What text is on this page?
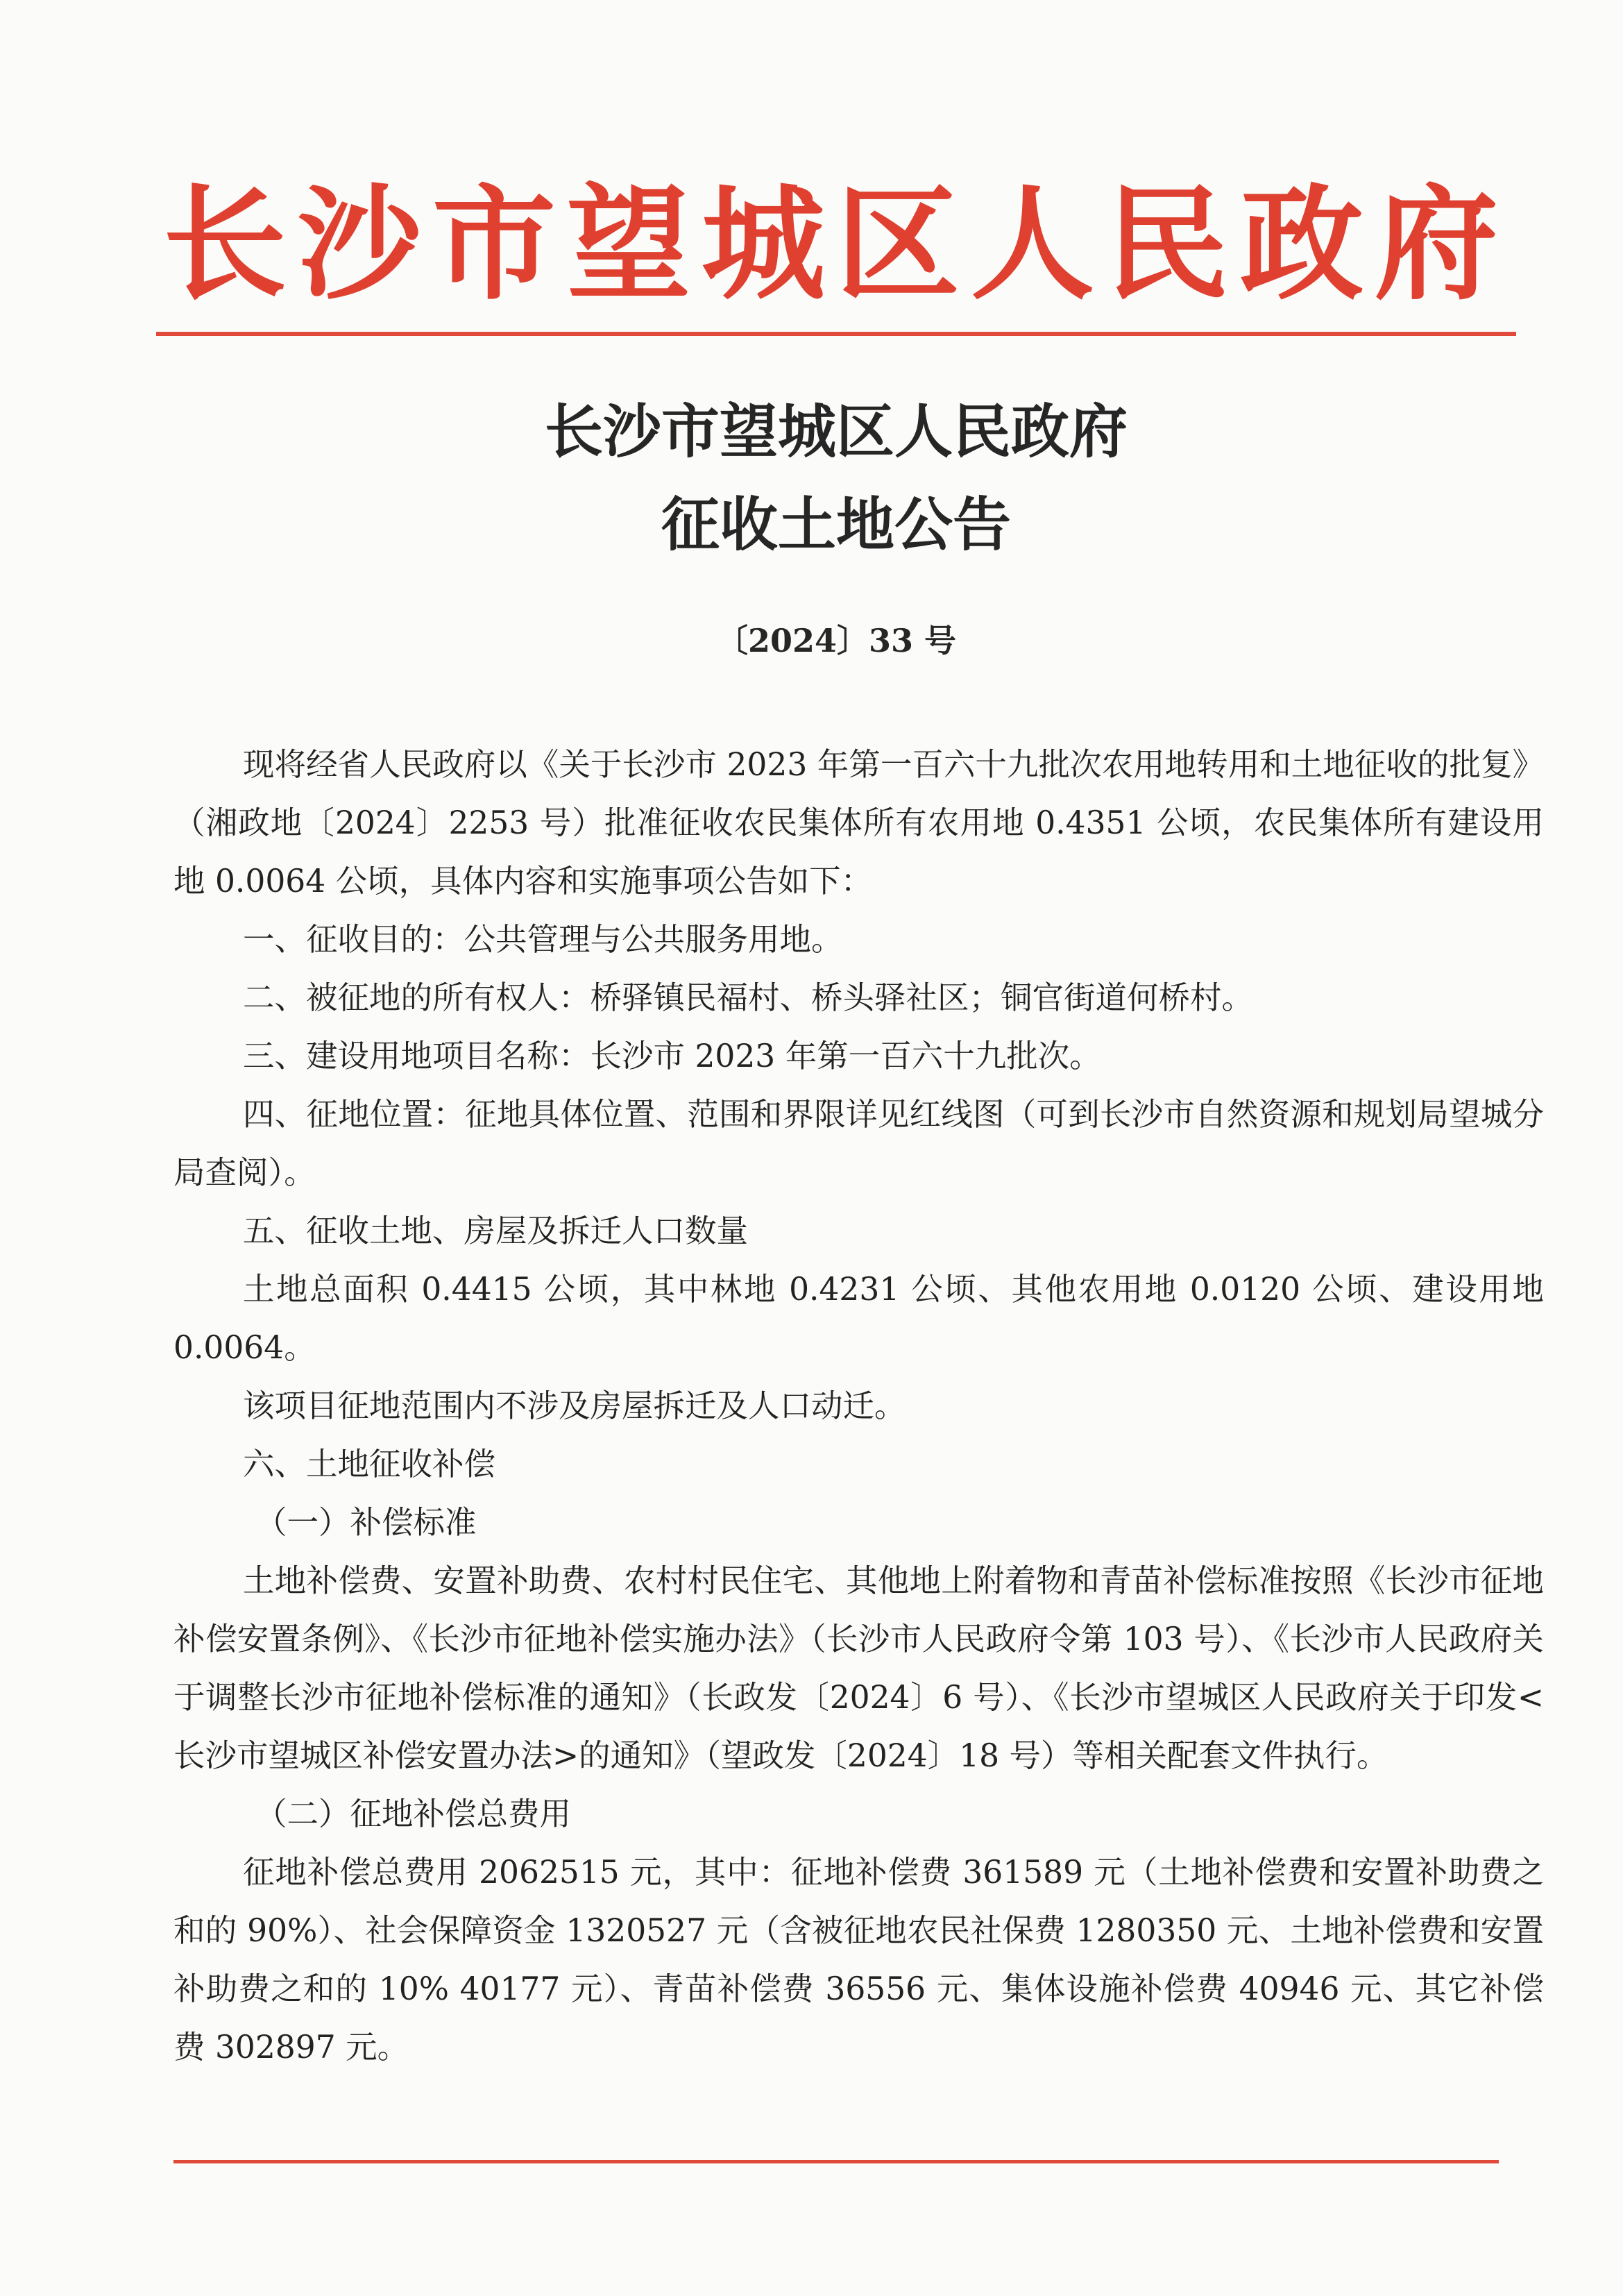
长沙市望城区人民政府
长沙市望城区人民政府
征收土地公告
〔2024〕33 号

现将经省人民政府以《关于长沙市 2023 年第一百六十九批次农用地转用和土地征收的批复》（湘政地〔2024〕2253 号）批准征收农民集体所有农用地 0.4351 公顷，农民集体所有建设用地 0.0064 公顷，具体内容和实施事项公告如下：

一、征收目的：公共管理与公共服务用地。

二、被征地的所有权人：桥驿镇民福村、桥头驿社区；铜官街道何桥村。

三、建设用地项目名称：长沙市 2023 年第一百六十九批次。

四、征地位置：征地具体位置、范围和界限详见红线图（可到长沙市自然资源和规划局望城分局查阅）。

五、征收土地、房屋及拆迁人口数量

土地总面积 0.4415 公顷，其中林地 0.4231 公顷、其他农用地 0.0120 公顷、建设用地 0.0064。

该项目征地范围内不涉及房屋拆迁及人口动迁。

六、土地征收补偿

（一）补偿标准

土地补偿费、安置补助费、农村村民住宅、其他地上附着物和青苗补偿标准按照《长沙市征地补偿安置条例》、《长沙市征地补偿实施办法》（长沙市人民政府令第 103 号）、《长沙市人民政府关于调整长沙市征地补偿标准的通知》（长政发〔2024〕6 号）、《长沙市望城区人民政府关于印发<长沙市望城区补偿安置办法>的通知》（望政发〔2024〕18 号）等相关配套文件执行。

（二）征地补偿总费用

征地补偿总费用 2062515 元，其中：征地补偿费 361589 元（土地补偿费和安置补助费之和的 90%）、社会保障资金 1320527 元（含被征地农民社保费 1280350 元、土地补偿费和安置补助费之和的 10% 40177 元）、青苗补偿费 36556 元、集体设施补偿费 40946 元、其它补偿费 302897 元。
